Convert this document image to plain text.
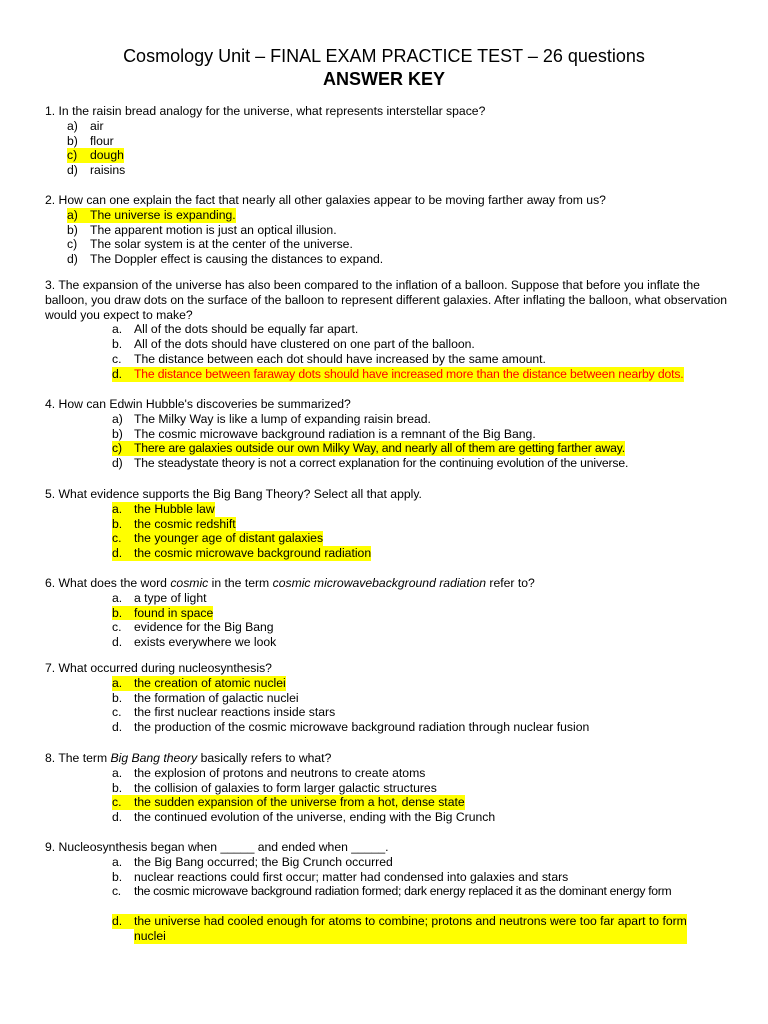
Cosmology Unit – FINAL EXAM PRACTICE TEST – 26 questions
ANSWER KEY

1. In the raisin bread analogy for the universe, what represents interstellar space?

a) air
b) flour
c)	dough
d) raisins

2. How can one explain the fact that nearly all other galaxies appear to be moving farther away from us?

a) The universe is expanding.
b) The apparent motion is just an optical illusion.
c)	The solar system is at the center of the universe.
d) The Doppler effect is causing the distances to expand.

3. The expansion of the universe has also been compared to the inflation of a balloon. Suppose that before you inflate the balloon, you draw dots on the surface of the balloon to represent different galaxies. After inflating the balloon, what observation would you expect to make?

a. All of the dots should be equally far apart.
b. All of the dots should have clustered on one part of the balloon.
c.	The distance between each dot should have increased by the same amount.
d. The distance between faraway dots should have increased more than the distance between nearby dots.

4. How can Edwin Hubble's discoveries be summarized?

a) The Milky Way is like a lump of expanding raisin bread.
b) The cosmic microwave background radiation is a remnant of the Big Bang.
c) There are galaxies outside our own Milky Way, and nearly all of them are getting farther away.
d) The steadystate theory is not a correct explanation for the continuing evolution of the universe.

5. What evidence supports the Big Bang Theory? Select all that apply.

a. the Hubble law
b. the cosmic redshift
c.	the younger age of distant galaxies
d. the cosmic microwave background radiation

6. What does the word cosmic in the term cosmic microwavebackground radiation refer to?

a. a type of light
b. found in space
c.	evidence for the Big Bang
d. exists everywhere we look

7. What occurred during nucleosynthesis?

a. the creation of atomic nuclei
b. the formation of galactic nuclei
c.	the first nuclear reactions inside stars
d. the production of the cosmic microwave background radiation through nuclear fusion

8. The term Big Bang theory basically refers to what?

a. the explosion of protons and neutrons to create atoms
b. the collision of galaxies to form larger galactic structures
c.	the sudden expansion of the universe from a hot, dense state
d. the continued evolution of the universe, ending with the Big Crunch

9. Nucleosynthesis began when _____ and ended when _____.

a. the Big Bang occurred; the Big Crunch occurred
b. nuclear reactions could first occur; matter had condensed into galaxies and stars
c.	the cosmic microwave background radiation formed; dark energy replaced it as the dominant energy form
d. the universe had cooled enough for atoms to combine; protons and neutrons were too far apart to form nuclei
